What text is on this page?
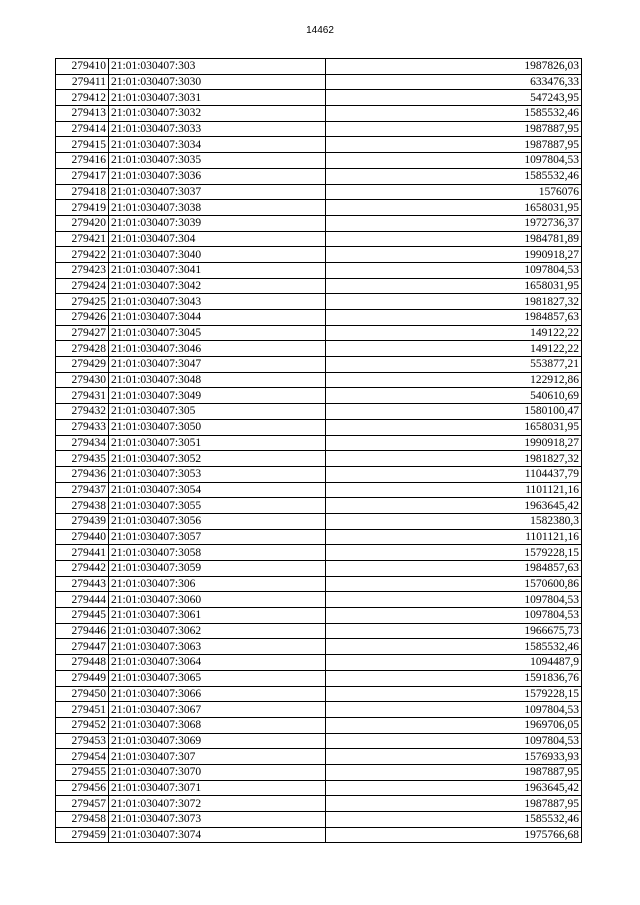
14462
279410	21:01:030407:303	1987826,03
279411	21:01:030407:3030	633476,33
279412	21:01:030407:3031	547243,95
279413	21:01:030407:3032	1585532,46
279414	21:01:030407:3033	1987887,95
279415	21:01:030407:3034	1987887,95
279416	21:01:030407:3035	1097804,53
279417	21:01:030407:3036	1585532,46
279418	21:01:030407:3037	1576076
279419	21:01:030407:3038	1658031,95
279420	21:01:030407:3039	1972736,37
279421	21:01:030407:304	1984781,89
279422	21:01:030407:3040	1990918,27
279423	21:01:030407:3041	1097804,53
279424	21:01:030407:3042	1658031,95
279425	21:01:030407:3043	1981827,32
279426	21:01:030407:3044	1984857,63
279427	21:01:030407:3045	149122,22
279428	21:01:030407:3046	149122,22
279429	21:01:030407:3047	553877,21
279430	21:01:030407:3048	122912,86
279431	21:01:030407:3049	540610,69
279432	21:01:030407:305	1580100,47
279433	21:01:030407:3050	1658031,95
279434	21:01:030407:3051	1990918,27
279435	21:01:030407:3052	1981827,32
279436	21:01:030407:3053	1104437,79
279437	21:01:030407:3054	1101121,16
279438	21:01:030407:3055	1963645,42
279439	21:01:030407:3056	1582380,3
279440	21:01:030407:3057	1101121,16
279441	21:01:030407:3058	1579228,15
279442	21:01:030407:3059	1984857,63
279443	21:01:030407:306	1570600,86
279444	21:01:030407:3060	1097804,53
279445	21:01:030407:3061	1097804,53
279446	21:01:030407:3062	1966675,73
279447	21:01:030407:3063	1585532,46
279448	21:01:030407:3064	1094487,9
279449	21:01:030407:3065	1591836,76
279450	21:01:030407:3066	1579228,15
279451	21:01:030407:3067	1097804,53
279452	21:01:030407:3068	1969706,05
279453	21:01:030407:3069	1097804,53
279454	21:01:030407:307	1576933,93
279455	21:01:030407:3070	1987887,95
279456	21:01:030407:3071	1963645,42
279457	21:01:030407:3072	1987887,95
279458	21:01:030407:3073	1585532,46
279459	21:01:030407:3074	1975766,68
